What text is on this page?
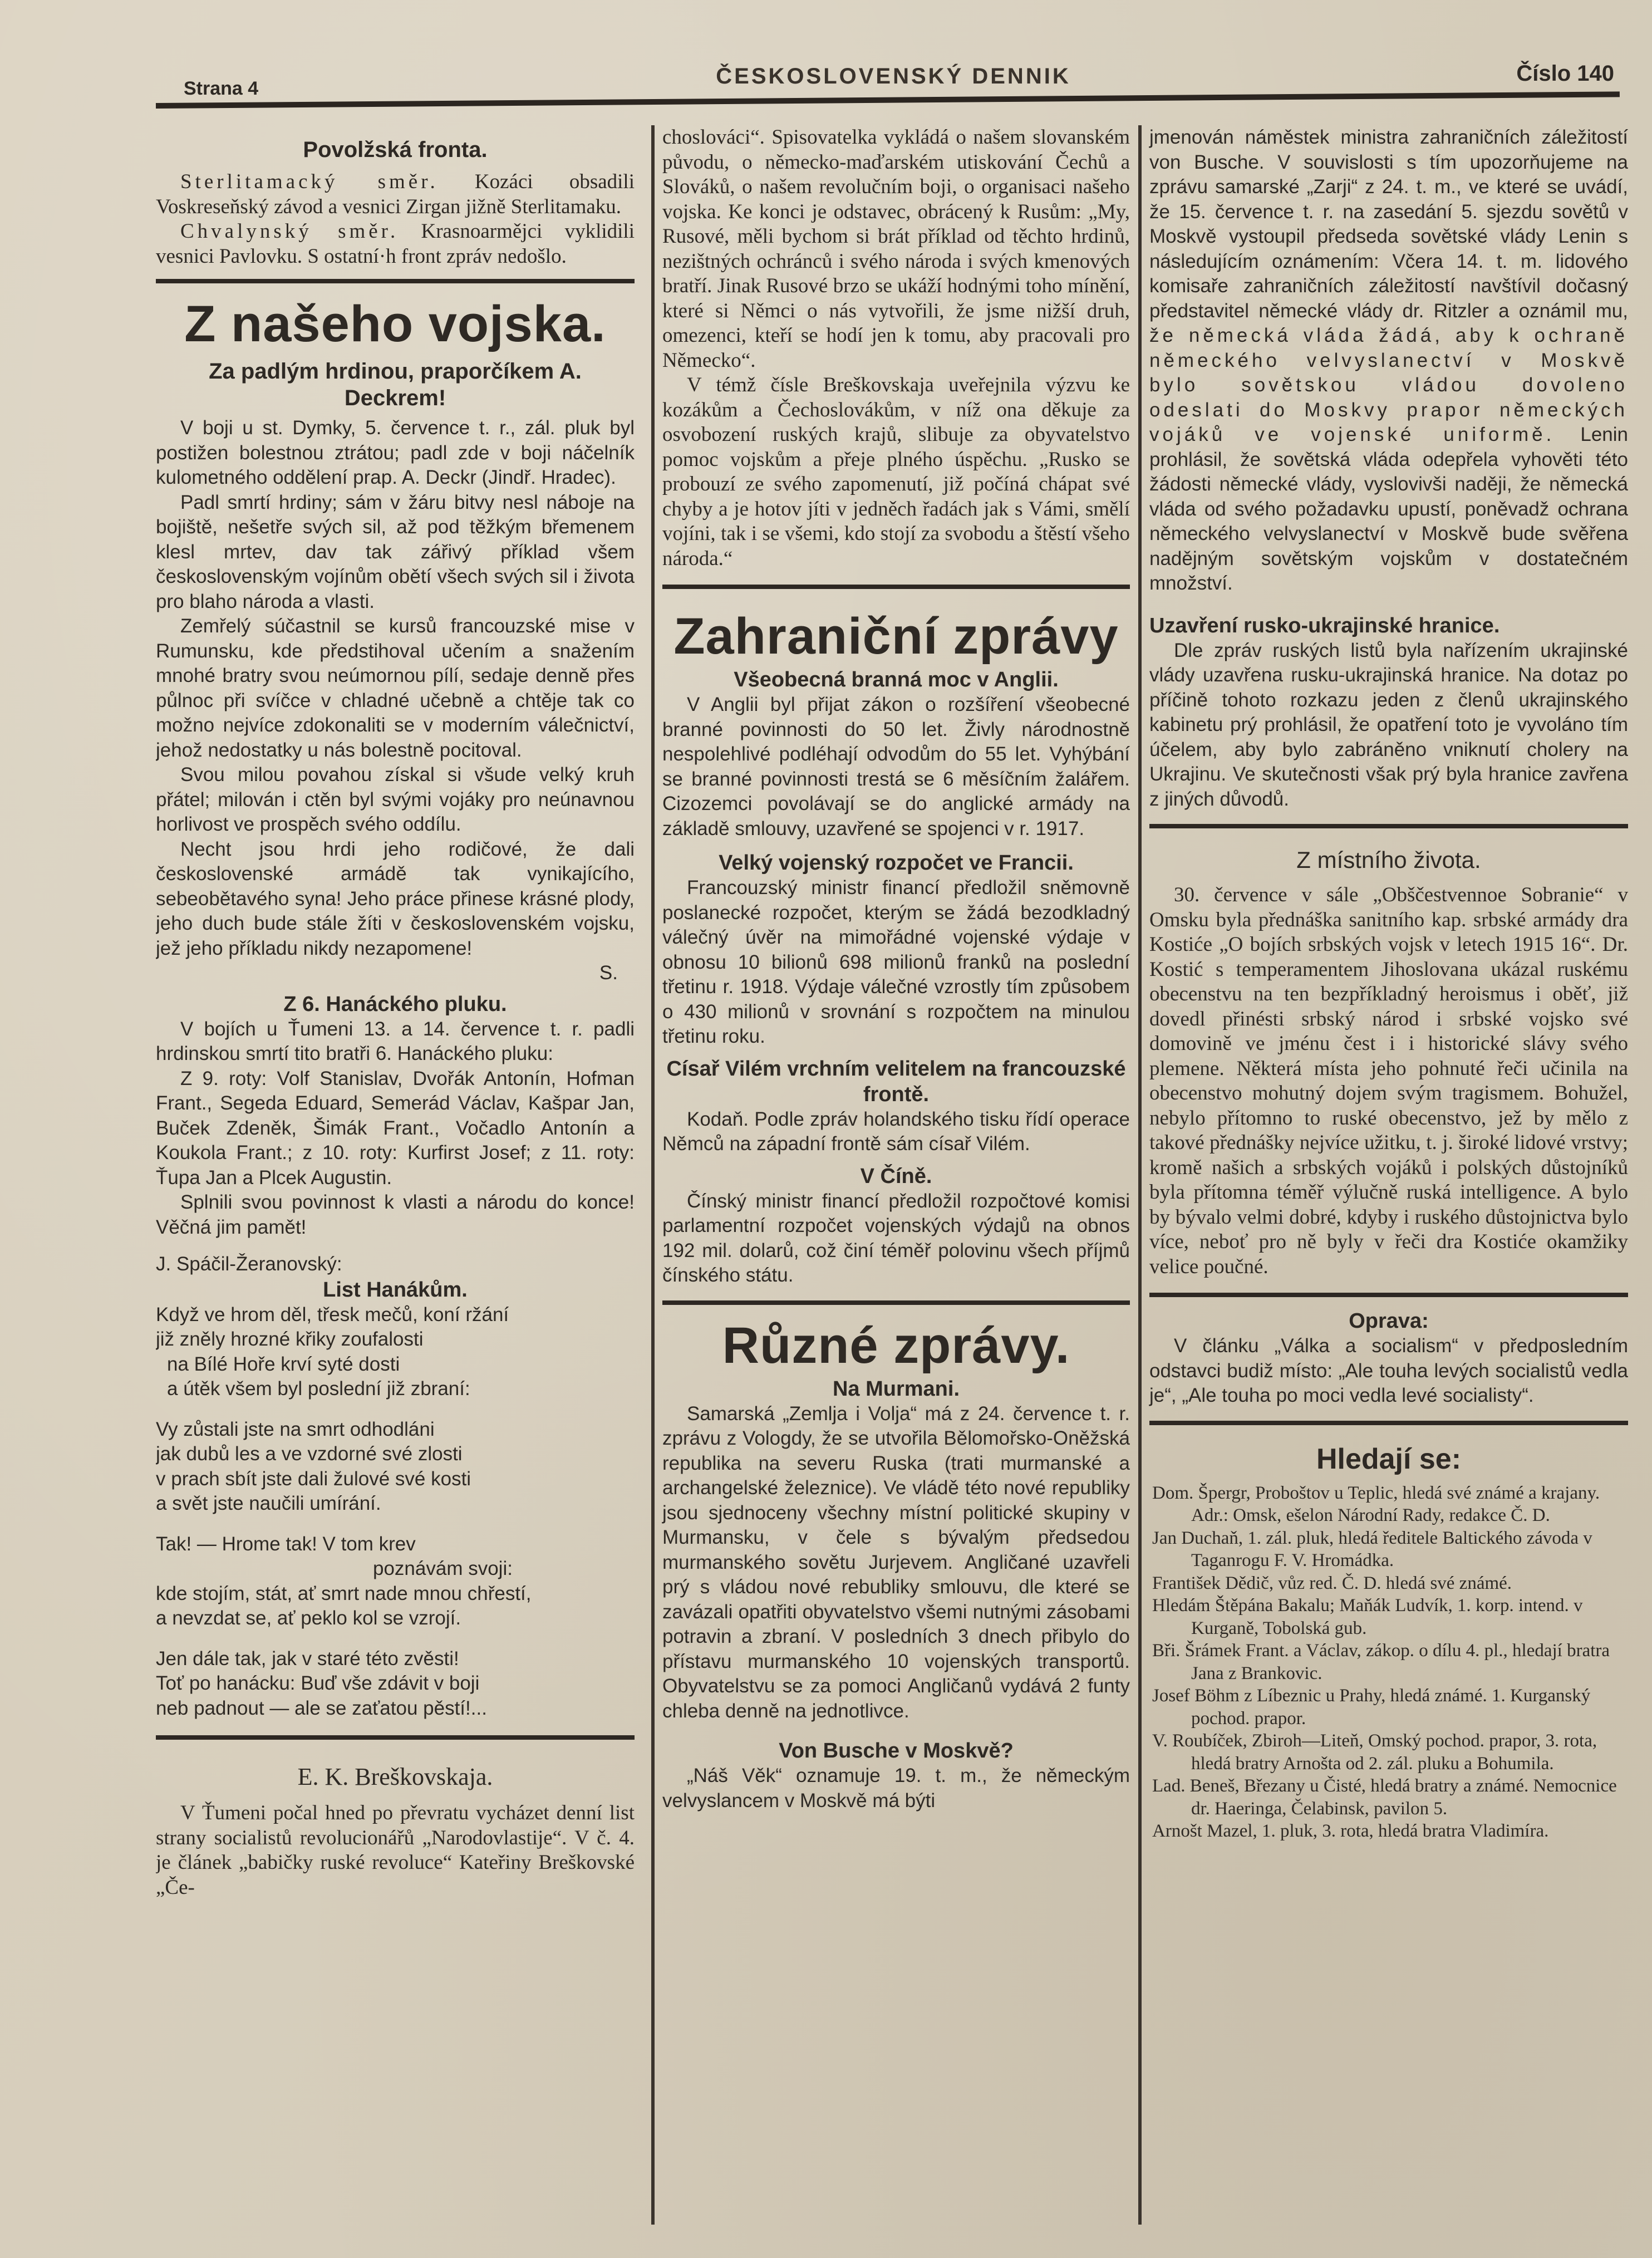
Strana 4	ČESKOSLOVENSKÝ DENNIK	Číslo 140
Povolžská fronta.

Sterlitamacký směr. Kozáci obsadili Voskreseňský závod a vesnici Zirgan jižně Sterlitamaku.

Chvalynský směr. Krasnoarmějci vyklidili vesnici Pavlovku. S ostatní·h front zpráv nedošlo.

Z našeho vojska.
Za padlým hrdinou, praporčíkem A. Deckrem!

V boji u st. Dymky, 5. července t. r., zál. pluk byl postižen bolestnou ztrátou; padl zde v boji náčelník kulometného oddělení prap. A. Deckr (Jindř. Hradec).

Padl smrtí hrdiny; sám v žáru bitvy nesl náboje na bojiště, nešetře svých sil, až pod těžkým břemenem klesl mrtev, dav tak zářivý příklad všem československým vojínům obětí všech svých sil i života pro blaho národa a vlasti.

Zemřelý súčastnil se kursů francouzské mise v Rumunsku, kde předstihoval učením a snažením mnohé bratry svou neúmornou pílí, sedaje denně přes půlnoc při svíčce v chladné učebně a chtěje tak co možno nejvíce zdokonaliti se v moderním válečnictví, jehož nedostatky u nás bolestně pocitoval.

Svou milou povahou získal si všude velký kruh přátel; milován i ctěn byl svými vojáky pro neúnavnou horlivost ve prospěch svého oddílu.

Necht jsou hrdi jeho rodičové, že dali československé armádě tak vynikajícího, sebeobětavého syna! Jeho práce přinese krásné plody, jeho duch bude stále žíti v československém vojsku, jež jeho příkladu nikdy nezapomene!

S.

Z 6. Hanáckého pluku.

V bojích u Ťumeni 13. a 14. července t. r. padli hrdinskou smrtí tito bratři 6. Hanáckého pluku:

Z 9. roty: Volf Stanislav, Dvořák Antonín, Hofman Frant., Segeda Eduard, Semerád Václav, Kašpar Jan, Buček Zdeněk, Šimák Frant., Vočadlo Antonín a Koukola Frant.; z 10. roty: Kurfirst Josef; z 11. roty: Ťupa Jan a Plcek Augustin.

Splnili svou povinnost k vlasti a národu do konce! Věčná jim pamět!

J. Spáčil-Žeranovský:

List Hanákům.

Když ve hrom děl, třesk mečů, koní ržání

již zněly hrozné křiky zoufalosti

na Bílé Hoře krví syté dosti

a útěk všem byl poslední již zbraní:

Vy zůstali jste na smrt odhodláni

jak dubů les a ve vzdorné své zlosti

v prach sbít jste dali žulové své kosti

a svět jste naučili umírání.

Tak! — Hrome tak! V tom krev

poznávám svoji:

kde stojím, stát, ať smrt nade mnou chřestí,

a nevzdat se, ať peklo kol se vzrojí.

Jen dále tak, jak v staré této zvěsti!

Toť po hanácku: Buď vše zdávit v boji

neb padnout — ale se zaťatou pěstí!...

E. K. Breškovskaja.

V Ťumeni počal hned po převratu vycházet denní list strany socialistů revolucionářů „Narodovlastije“. V č. 4. je článek „babičky ruské revoluce“ Kateřiny Breškovské „Če-

choslováci“. Spisovatelka vykládá o našem slovanském původu, o německo-maďarském utiskování Čechů a Slováků, o našem revolučním boji, o organisaci našeho vojska. Ke konci je odstavec, obrácený k Rusům: „My, Rusové, měli bychom si brát příklad od těchto hrdinů, nezištných ochránců i svého národa i svých kmenových bratří. Jinak Rusové brzo se ukáží hodnými toho mínění, které si Němci o nás vytvořili, že jsme nižší druh, omezenci, kteří se hodí jen k tomu, aby pracovali pro Německo“.

V témž čísle Breškovskaja uveřejnila výzvu ke kozákům a Čechoslovákům, v níž ona děkuje za osvobození ruských krajů, slibuje za obyvatelstvo pomoc vojskům a přeje plného úspěchu. „Rusko se probouzí ze svého zapomenutí, již počíná chápat své chyby a je hotov jíti v jedněch řadách jak s Vámi, smělí vojíni, tak i se všemi, kdo stojí za svobodu a štěstí všeho národa.“

Zahraniční zprávy
Všeobecná branná moc v Anglii.

V Anglii byl přijat zákon o rozšíření všeobecné branné povinnosti do 50 let. Živly národnostně nespolehlivé podléhají odvodům do 55 let. Vyhýbání se branné povinnosti trestá se 6 měsíčním žalářem. Cizozemci povolávají se do anglické armády na základě smlouvy, uzavřené se spojenci v r. 1917.

Velký vojenský rozpočet ve Francii.

Francouzský ministr financí předložil sněmovně poslanecké rozpočet, kterým se žádá bezodkladný válečný úvěr na mimořádné vojenské výdaje v obnosu 10 bilionů 698 milionů franků na poslední třetinu r. 1918. Výdaje válečné vzrostly tím způsobem o 430 milionů v srovnání s rozpočtem na minulou třetinu roku.

Císař Vilém vrchním velitelem na francouzské frontě.

Kodaň. Podle zpráv holandského tisku řídí operace Němců na západní frontě sám císař Vilém.

V Číně.

Čínský ministr financí předložil rozpočtové komisi parlamentní rozpočet vojenských výdajů na obnos 192 mil. dolarů, což činí téměř polovinu všech příjmů čínského státu.

Různé zprávy.
Na Murmani.

Samarská „Zemlja i Volja“ má z 24. července t. r. zprávu z Vologdy, že se utvořila Bělomořsko-Oněžská republika na severu Ruska (trati murmanské a archangelské železnice). Ve vládě této nové republiky jsou sjednoceny všechny místní politické skupiny v Murmansku, v čele s bývalým předsedou murmanského sovětu Jurjevem. Angličané uzavřeli prý s vládou nové rebubliky smlouvu, dle které se zavázali opatřiti obyvatelstvo všemi nutnými zásobami potravin a zbraní. V posledních 3 dnech přibylo do přístavu murmanského 10 vojenských transportů. Obyvatelstvu se za pomoci Angličanů vydává 2 funty chleba denně na jednotlivce.

Von Busche v Moskvě?

„Náš Věk“ oznamuje 19. t. m., že německým velvyslancem v Moskvě má býti

jmenován náměstek ministra zahraničních záležitostí von Busche. V souvislosti s tím upozorňujeme na zprávu samarské „Zarji“ z 24. t. m., ve které se uvádí, že 15. července t. r. na zasedání 5. sjezdu sovětů v Moskvě vystoupil předseda sovětské vlády Lenin s následujícím oznámením: Včera 14. t. m. lidového komisaře zahraničních záležitostí navštívil dočasný představitel německé vlády dr. Ritzler a oznámil mu, že německá vláda žádá, aby k ochraně německého velvyslanectví v Moskvě bylo sovětskou vládou dovoleno odeslati do Moskvy prapor německých vojáků ve vojenské uniformě. Lenin prohlásil, že sovětská vláda odepřela vyhověti této žádosti německé vlády, vyslovivši naději, že německá vláda od svého požadavku upustí, poněvadž ochrana německého velvyslanectví v Moskvě bude svěřena nadějným sovětským vojskům v dostatečném množství.

Uzavření rusko-ukrajinské hranice.

Dle zpráv ruských listů byla nařízením ukrajinské vlády uzavřena rusku-ukrajinská hranice. Na dotaz po příčině tohoto rozkazu jeden z členů ukrajinského kabinetu prý prohlásil, že opatření toto je vyvoláno tím účelem, aby bylo zabráněno vniknutí cholery na Ukrajinu. Ve skutečnosti však prý byla hranice zavřena z jiných důvodů.

Z místního života.

30. července v sále „Obščestvennoe Sobranie“ v Omsku byla přednáška sanitního kap. srbské armády dra Kostiće „O bojích srbských vojsk v letech 1915 16“. Dr. Kostić s temperamentem Jihoslovana ukázal ruskému obecenstvu na ten bezpříkladný heroismus i oběť, již dovedl přinésti srbský národ i srbské vojsko své domovině ve jménu čest i i historické slávy svého plemene. Některá místa jeho pohnuté řeči učinila na obecenstvo mohutný dojem svým tragismem. Bohužel, nebylo přítomno to ruské obecenstvo, jež by mělo z takové přednášky nejvíce užitku, t. j. široké lidové vrstvy; kromě našich a srbských vojáků i polských důstojníků byla přítomna téměř výlučně ruská intelligence. A bylo by bývalo velmi dobré, kdyby i ruského důstojnictva bylo více, neboť pro ně byly v řeči dra Kostiće okamžiky velice poučné.

Oprava:

V článku „Válka a socialism“ v předposledním odstavci budiž místo: „Ale touha levých socialistů vedla je“, „Ale touha po moci vedla levé socialisty“.

Hledají se:

Dom. Špergr, Proboštov u Teplic, hledá své známé a krajany. Adr.: Omsk, ešelon Národní Rady, redakce Č. D.

Jan Duchaň, 1. zál. pluk, hledá ředitele Baltického závoda v Taganrogu F. V. Hromádka.

František Dědič, vůz red. Č. D. hledá své známé.

Hledám Štěpána Bakalu; Maňák Ludvík, 1. korp. intend. v Kurganě, Tobolská gub.

Bři. Šrámek Frant. a Václav, zákop. o dílu 4. pl., hledají bratra Jana z Brankovic.

Josef Böhm z Líbeznic u Prahy, hledá známé. 1. Kurganský pochod. prapor.

V. Roubíček, Zbiroh—Liteň, Omský pochod. prapor, 3. rota, hledá bratry Arnošta od 2. zál. pluku a Bohumila.

Lad. Beneš, Březany u Čisté, hledá bratry a známé. Nemocnice dr. Haeringa, Čelabinsk, pavilon 5.

Arnošt Mazel, 1. pluk, 3. rota, hledá bratra Vladimíra.
